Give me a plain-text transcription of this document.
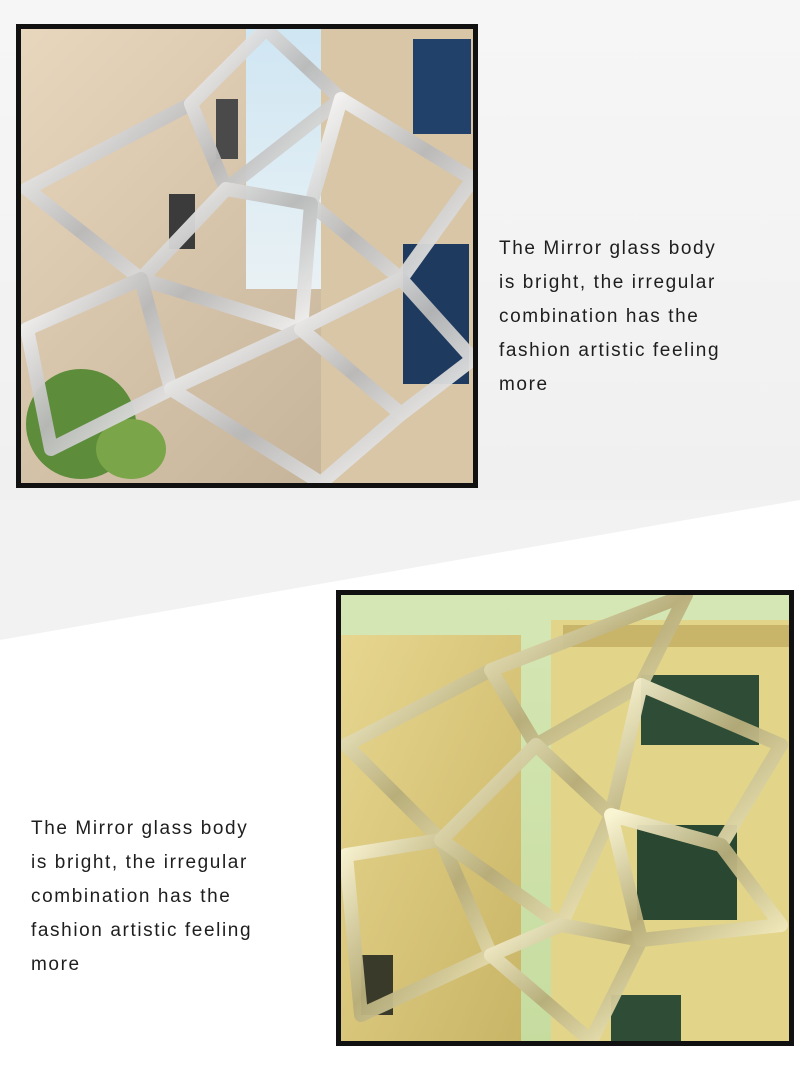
The Mirror glass body
is bright, the irregular
combination has the
fashion artistic feeling
more

The Mirror glass body
is bright, the irregular
combination has the
fashion artistic feeling
more
